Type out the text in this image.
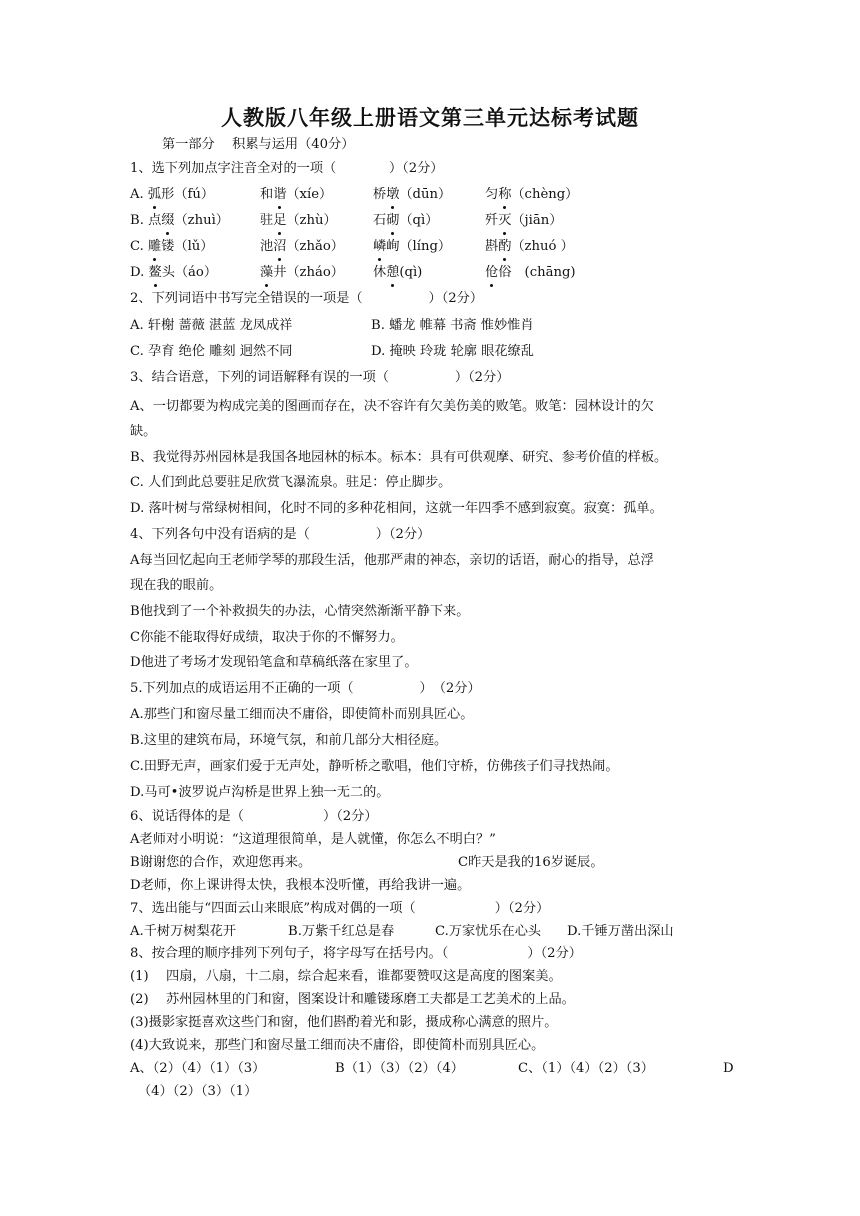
人教版八年级上册语文第三单元达标考试题
第一部分　 积累与运用（40分）
1、选下列加点字注音全对的一项（　　　　）（2分）
A. 弧形（fú）	和谐（xíe）	桥墩（dūn）	匀称（chèng）
B. 点缀（zhuì） 驻足（zhù）	石砌（qì）	歼灭（jiān）
C. 雕镂（lǔ）	池沼（zhǎo） 嶙峋（líng）	斟酌（zhuó ）
D. 鳌头（áo）	藻井（zháo） 休憩(qì)	伧俗　(chāng)
2、下列词语中书写完全错误的一项是（　　　　　）（2分）
A. 轩榭 蔷薇 湛蓝 龙凤成祥	B. 蟠龙 帷幕 书斋 惟妙惟肖
C. 孕育 绝伦 雕刻 迥然不同	D. 掩映 玲珑 轮廓 眼花缭乱
3、结合语意，下列的词语解释有误的一项（　　　　　）（2分）
A、一切都要为构成完美的图画而存在，决不容许有欠美伤美的败笔。败笔：园林设计的欠
缺。
B、我觉得苏州园林是我国各地园林的标本。标本：具有可供观摩、研究、参考价值的样板。
C. 人们到此总要驻足欣赏飞瀑流泉。驻足：停止脚步。
D. 落叶树与常绿树相间，化时不同的多种花相间，这就一年四季不感到寂寞。寂寞：孤单。
4、下列各句中没有语病的是（　　　　　）（2分）
A每当回忆起向王老师学琴的那段生活，他那严肃的神态，亲切的话语，耐心的指导，总浮
现在我的眼前。
B他找到了一个补救损失的办法，心情突然渐渐平静下来。
C你能不能取得好成绩，取决于你的不懈努力。
D他进了考场才发现铅笔盒和草稿纸落在家里了。
5.下列加点的成语运用不正确的一项（　　　　　）　（2分）
A.那些门和窗尽量工细而决不庸俗，即使简朴而别具匠心。
B.这里的建筑布局，环境气氛，和前几部分大相径庭。
C.田野无声，画家们爱于无声处，静听桥之歌唱，他们守桥，仿佛孩子们寻找热闹。
D.马可•波罗说卢沟桥是世界上独一无二的。
6、说话得体的是（　　　　　　）（2分）
A老师对小明说：“这道理很简单，是人就懂，你怎么不明白？”
B谢谢您的合作，欢迎您再来。	C昨天是我的16岁诞辰。
D老师，你上课讲得太快，我根本没听懂，再给我讲一遍。
7、选出能与“四面云山来眼底”构成对偶的一项（　　　　　　）（2分）
A.千树万树梨花开	B.万紫千红总是春	C.万家忧乐在心头 D.千锤万凿出深山
8、按合理的顺序排列下列句子，将字母写在括号内。（　　　　　　）（2分）
(1)　 四扇，八扇，十二扇，综合起来看，谁都要赞叹这是高度的图案美。
(2)　 苏州园林里的门和窗，图案设计和雕镂琢磨工夫都是工艺美术的上品。
(3)摄影家挺喜欢这些门和窗，他们斟酌着光和影，摄成称心满意的照片。
(4)大致说来，那些门和窗尽量工细而决不庸俗，即使简朴而别具匠心。
A、（2）（4）（1）（3）	B（1）（3）（2）（4）	C、（1）（4）（2）（3）	D
（4）（2）（3）（1）
